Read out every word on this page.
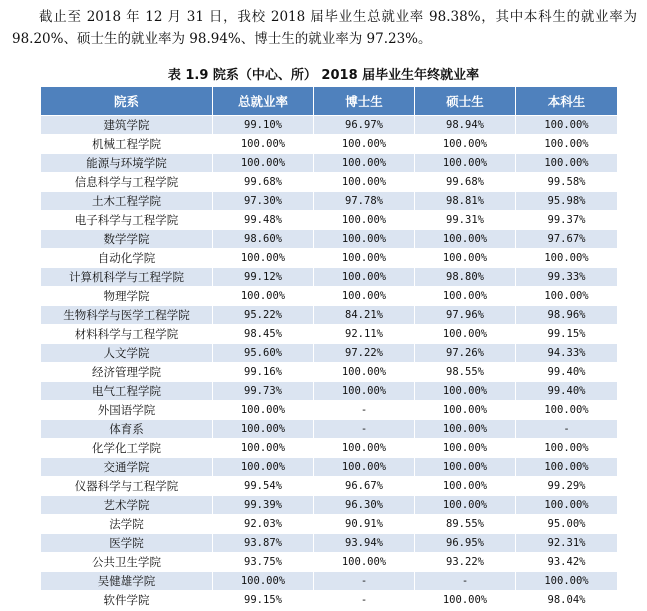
截止至 2018 年 12 月 31 日，我校 2018 届毕业生总就业率 98.38%，其中本科生的就业率为 98.20%、硕士生的就业率为 98.94%、博士生的就业率为 97.23%。

表 1.9 院系（中心、所） 2018 届毕业生年终就业率

院系	总就业率	博士生	硕士生	本科生
建筑学院	99.10%	96.97%	98.94%	100.00%
机械工程学院	100.00%	100.00%	100.00%	100.00%
能源与环境学院	100.00%	100.00%	100.00%	100.00%
信息科学与工程学院	99.68%	100.00%	99.68%	99.58%
土木工程学院	97.30%	97.78%	98.81%	95.98%
电子科学与工程学院	99.48%	100.00%	99.31%	99.37%
数学学院	98.60%	100.00%	100.00%	97.67%
自动化学院	100.00%	100.00%	100.00%	100.00%
计算机科学与工程学院	99.12%	100.00%	98.80%	99.33%
物理学院	100.00%	100.00%	100.00%	100.00%
生物科学与医学工程学院	95.22%	84.21%	97.96%	98.96%
材料科学与工程学院	98.45%	92.11%	100.00%	99.15%
人文学院	95.60%	97.22%	97.26%	94.33%
经济管理学院	99.16%	100.00%	98.55%	99.40%
电气工程学院	99.73%	100.00%	100.00%	99.40%
外国语学院	100.00%	-	100.00%	100.00%
体育系	100.00%	-	100.00%	-
化学化工学院	100.00%	100.00%	100.00%	100.00%
交通学院	100.00%	100.00%	100.00%	100.00%
仪器科学与工程学院	99.54%	96.67%	100.00%	99.29%
艺术学院	99.39%	96.30%	100.00%	100.00%
法学院	92.03%	90.91%	89.55%	95.00%
医学院	93.87%	93.94%	96.95%	92.31%
公共卫生学院	93.75%	100.00%	93.22%	93.42%
吴健雄学院	100.00%	-	-	100.00%
软件学院	99.15%	-	100.00%	98.04%
